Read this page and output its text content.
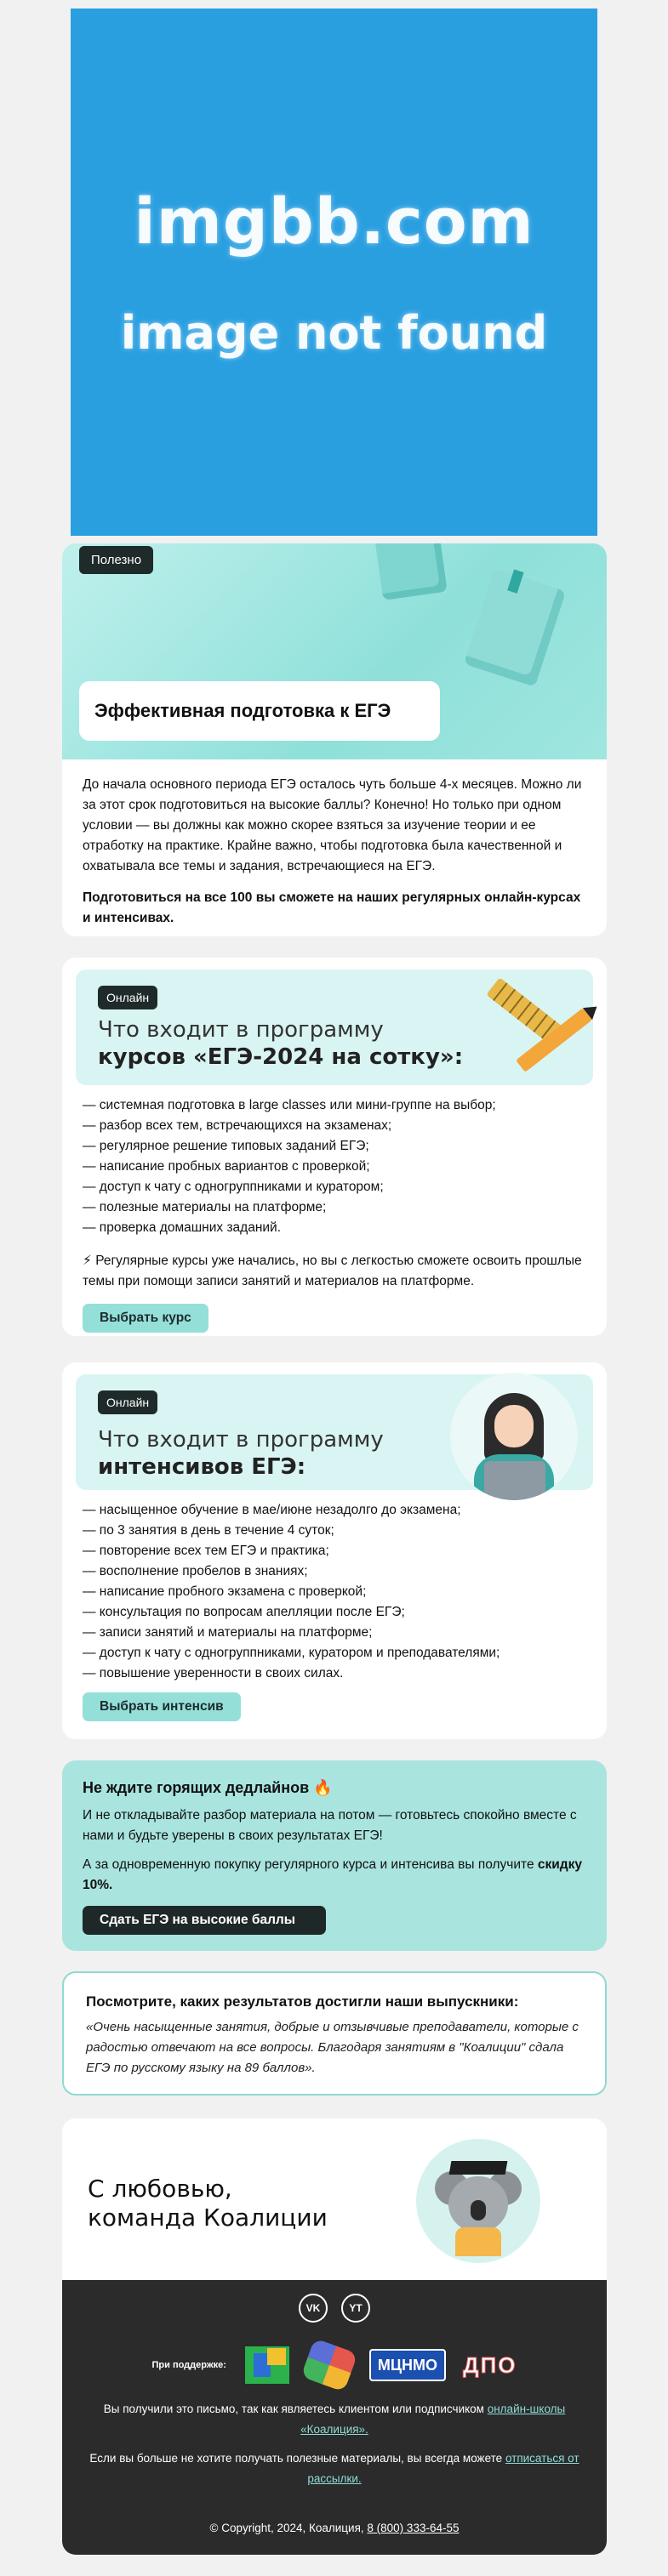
imgbb.com
image not found
Полезно
Эффективная подготовка к ЕГЭ

До начала основного периода ЕГЭ осталось чуть больше 4-х месяцев. Можно ли за этот срок подготовиться на высокие баллы? Конечно! Но только при одном условии — вы должны как можно скорее взяться за изучение теории и ее отработку на практике. Крайне важно, чтобы подготовка была качественной и охватывала все темы и задания, встречающиеся на ЕГЭ.

Подготовиться на все 100 вы сможете на наших регулярных онлайн-курсах и интенсивах.

Онлайн
Что входит в программу
курсов «ЕГЭ-2024 на сотку»:
— системная подготовка в large classes или мини-группе на выбор;
— разбор всех тем, встречающихся на экзаменах;
— регулярное решение типовых заданий ЕГЭ;
— написание пробных вариантов с проверкой;
— доступ к чату с одногруппниками и куратором;
— полезные материалы на платформе;
— проверка домашних заданий.

⚡ Регулярные курсы уже начались, но вы с легкостью сможете освоить прошлые темы при помощи записи занятий и материалов на платформе.

Выбрать курс
Онлайн
Что входит в программу
интенсивов ЕГЭ:
— насыщенное обучение в мае/июне незадолго до экзамена;
— по 3 занятия в день в течение 4 суток;
— повторение всех тем ЕГЭ и практика;
— восполнение пробелов в знаниях;
— написание пробного экзамена с проверкой;
— консультация по вопросам апелляции после ЕГЭ;
— записи занятий и материалы на платформе;
— доступ к чату с одногруппниками, куратором и преподавателями;
— повышение уверенности в своих силах.
Выбрать интенсив
Не ждите горящих дедлайнов 🔥

И не откладывайте разбор материала на потом — готовьтесь спокойно вместе с нами и будьте уверены в своих результатах ЕГЭ!

А за одновременную покупку регулярного курса и интенсива вы получите скидку 10%.

Сдать ЕГЭ на высокие баллы
Посмотрите, каких результатов достигли наши выпускники:

«Очень насыщенные занятия, добрые и отзывчивые преподаватели, которые с радостью отвечают на все вопросы. Благодаря занятиям в "Коалиции" сдала ЕГЭ по русскому языку на 89 баллов».

С любовью,
команда Коалиции
VK	YT
При поддержке:	МЦНМО	ДПО

Вы получили это письмо, так как являетесь клиентом или подписчиком онлайн-школы «Коалиция».

Если вы больше не хотите получать полезные материалы, вы всегда можете отписаться от рассылки.

© Copyright, 2024, Коалиция, 8 (800) 333-64-55
